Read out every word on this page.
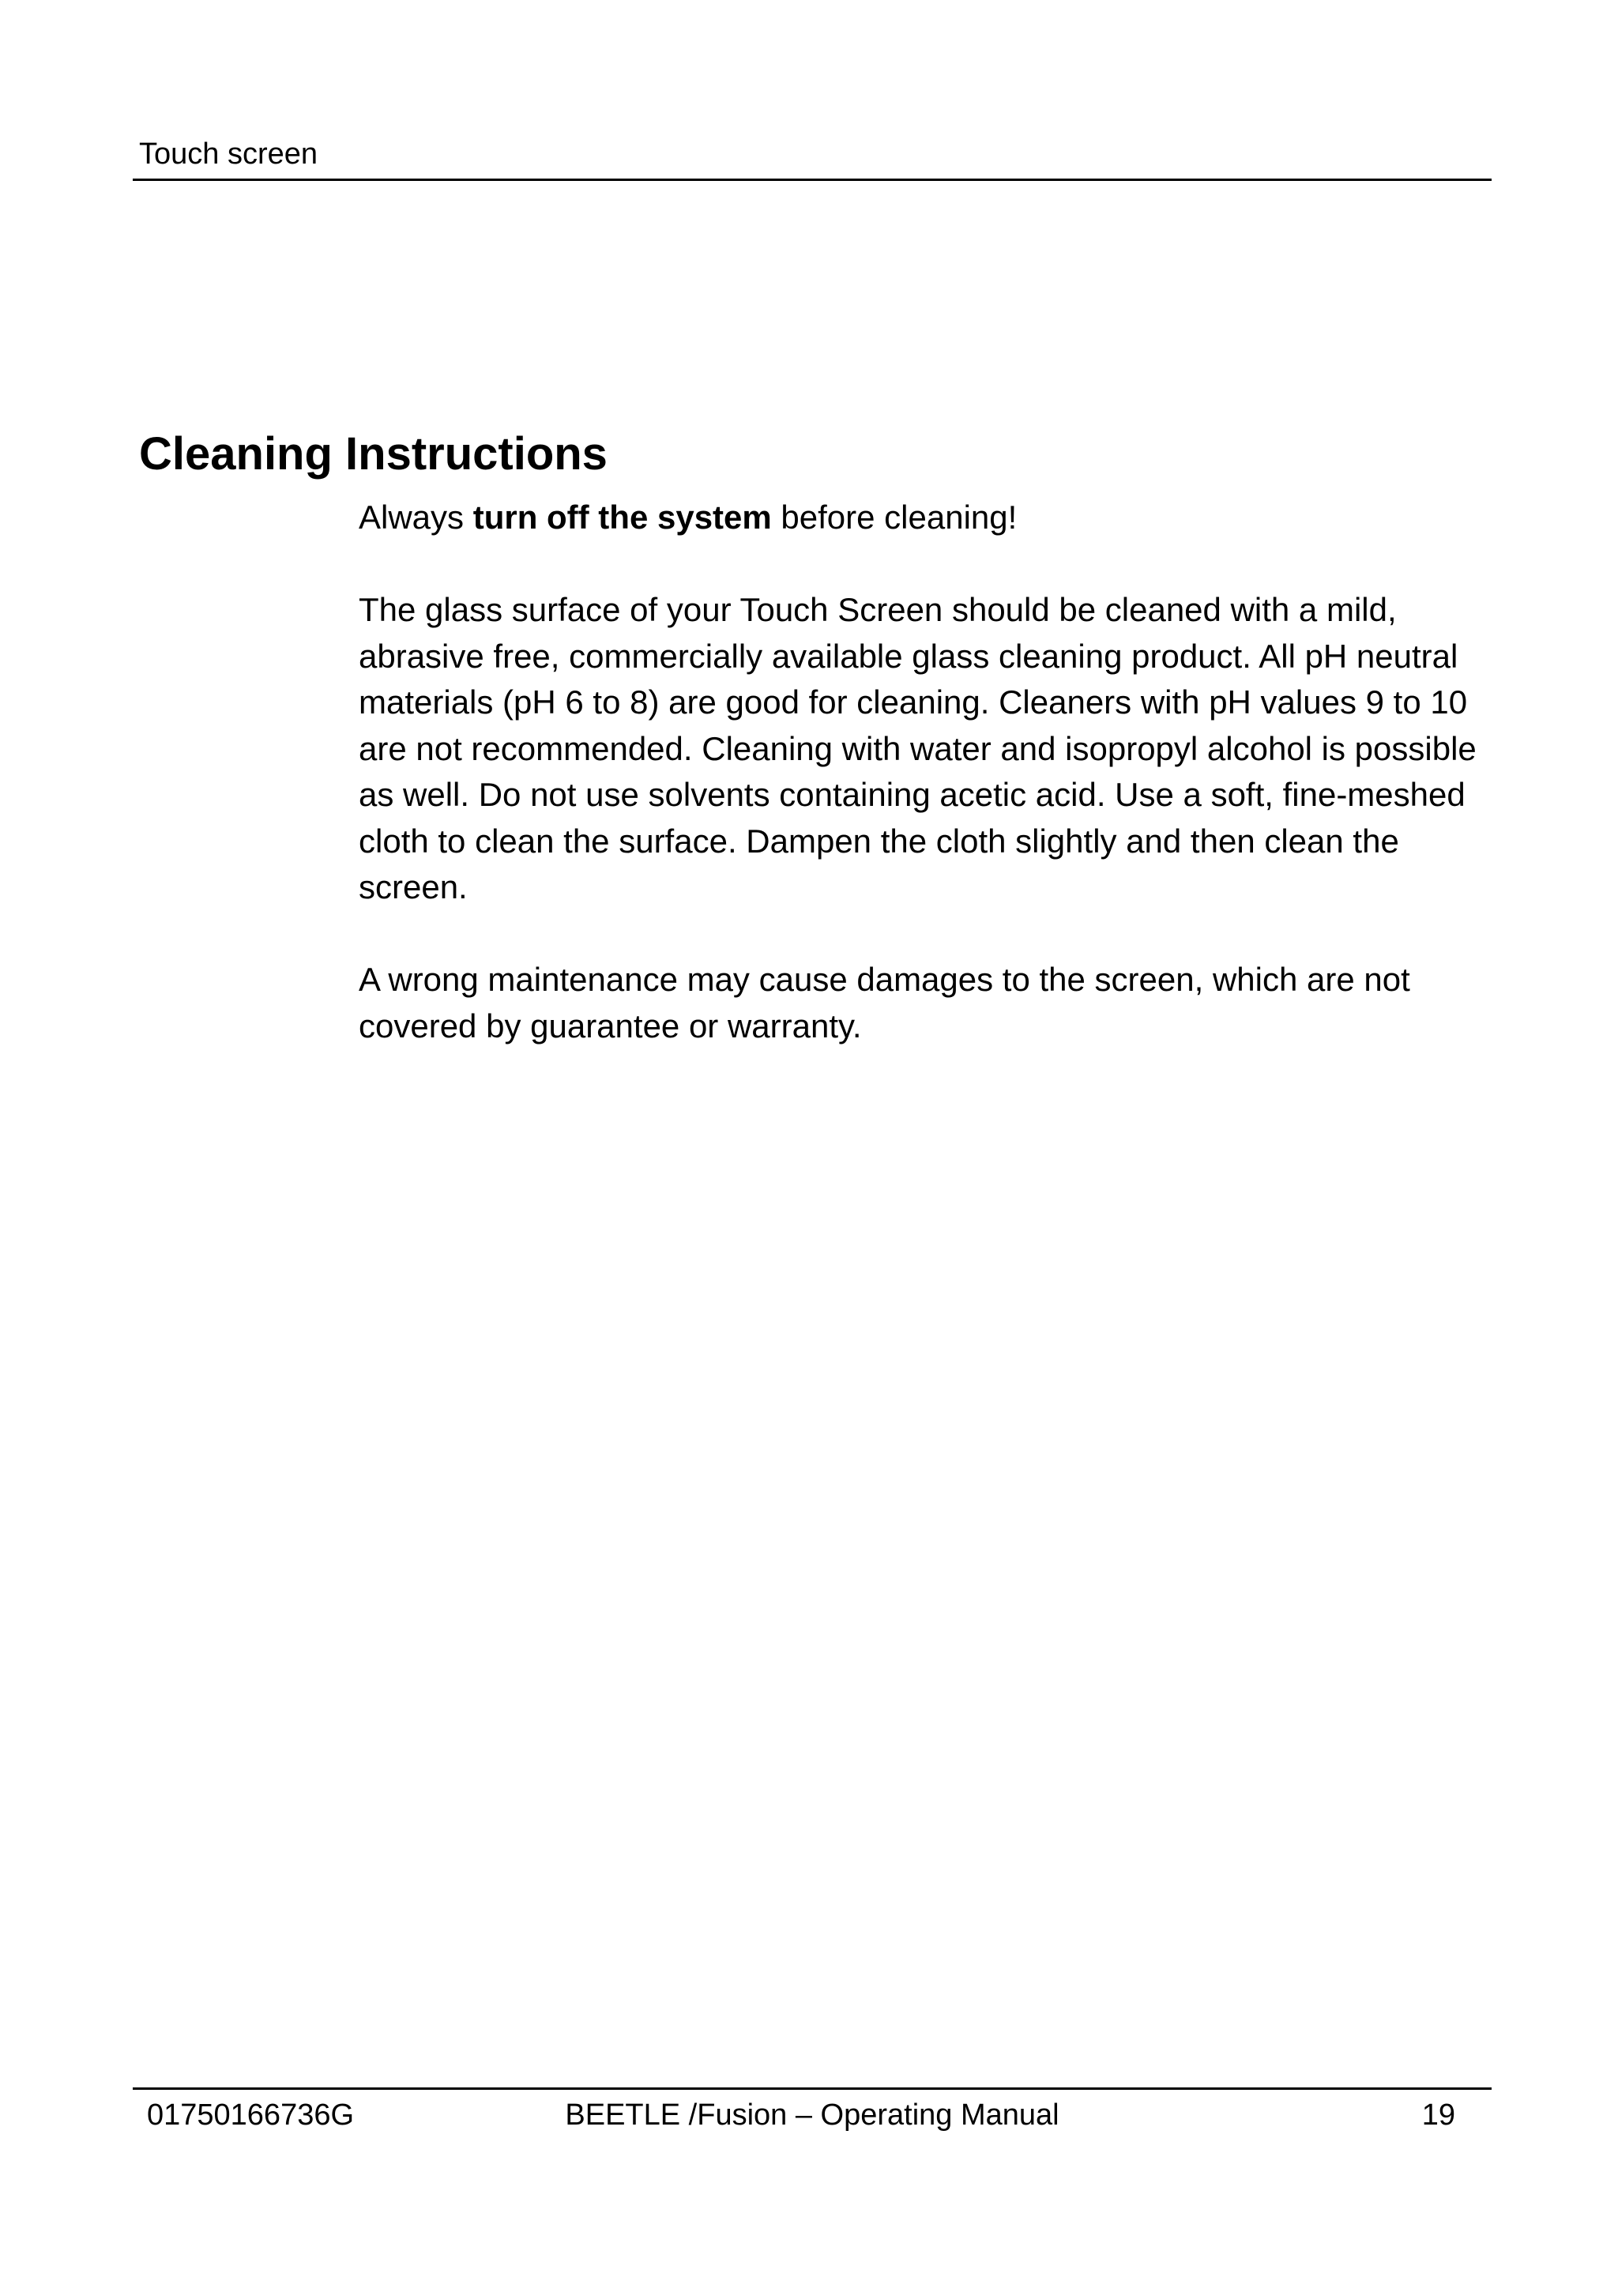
Touch screen
Cleaning Instructions

Always turn off the system before cleaning!

The glass surface of your Touch Screen should be cleaned with a mild, abrasive free, commercially available glass cleaning product. All pH neutral materials (pH 6 to 8) are good for cleaning. Cleaners with pH values 9 to 10 are not recommended. Cleaning with water and isopropyl alcohol is possible as well. Do not use solvents containing acetic acid. Use a soft, fine-meshed cloth to clean the surface. Dampen the cloth slightly and then clean the screen.

A wrong maintenance may cause damages to the screen, which are not covered by guarantee or warranty.

01750166736G	BEETLE /Fusion – Operating Manual	19
